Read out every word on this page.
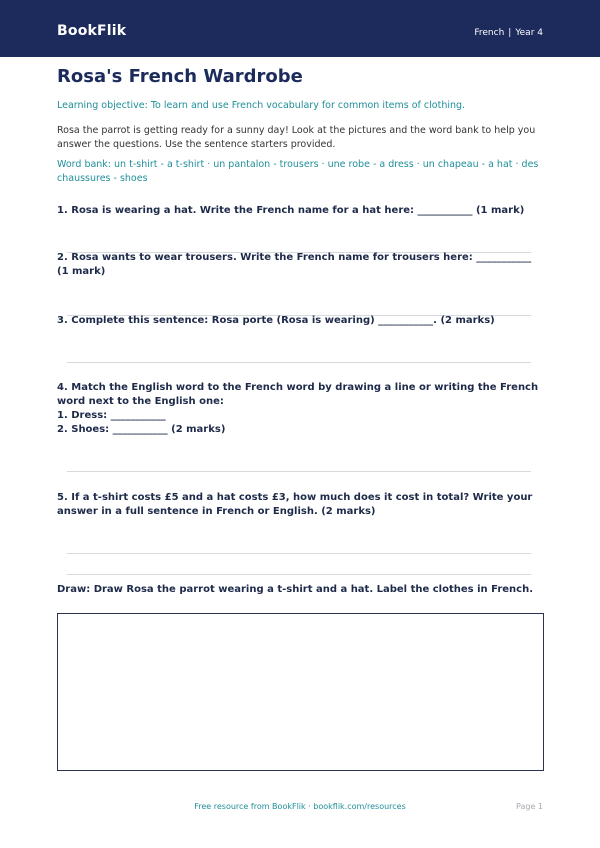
BookFlik	French | Year 4
Rosa's French Wardrobe
Learning objective: To learn and use French vocabulary for common items of clothing.
Rosa the parrot is getting ready for a sunny day! Look at the pictures and the word bank to help you answer the questions. Use the sentence starters provided.
Word bank: un t-shirt - a t-shirt · un pantalon - trousers · une robe - a dress · un chapeau - a hat · des chaussures - shoes
1. Rosa is wearing a hat. Write the French name for a hat here: ___________ (1 mark)
2. Rosa wants to wear trousers. Write the French name for trousers here: ___________ (1 mark)
3. Complete this sentence: Rosa porte (Rosa is wearing) ___________. (2 marks)
4. Match the English word to the French word by drawing a line or writing the French word next to the English one:
1. Dress: ___________
2. Shoes: ___________ (2 marks)
5. If a t-shirt costs £5 and a hat costs £3, how much does it cost in total? Write your answer in a full sentence in French or English. (2 marks)
Draw: Draw Rosa the parrot wearing a t-shirt and a hat. Label the clothes in French.
Free resource from BookFlik · bookflik.com/resources	Page 1
